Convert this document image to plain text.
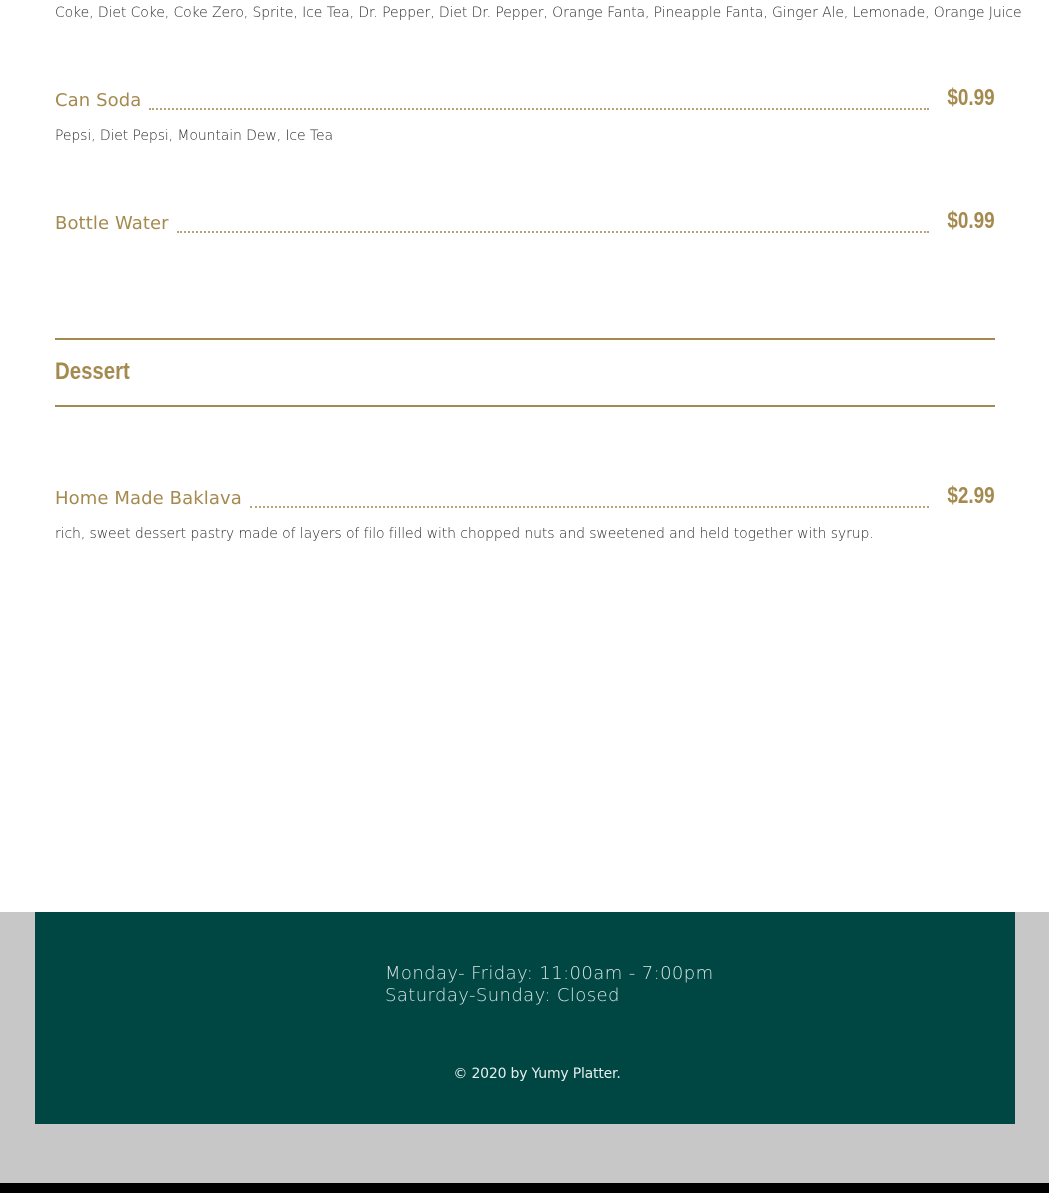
Coke, Diet Coke, Coke Zero, Sprite, Ice Tea, Dr. Pepper, Diet Dr. Pepper, Orange Fanta, Pineapple Fanta, Ginger Ale, Lemonade, Orange Juice
Can Soda	$0.99
Pepsi, Diet Pepsi, Mountain Dew, Ice Tea
Bottle Water	$0.99
Dessert
Home Made Baklava	$2.99
rich, sweet dessert pastry made of layers of filo filled with chopped nuts and sweetened and held together with syrup.
Monday- Friday: 11:00am - 7:00pm
Saturday-Sunday: Closed
© 2020 by Yumy Platter.
